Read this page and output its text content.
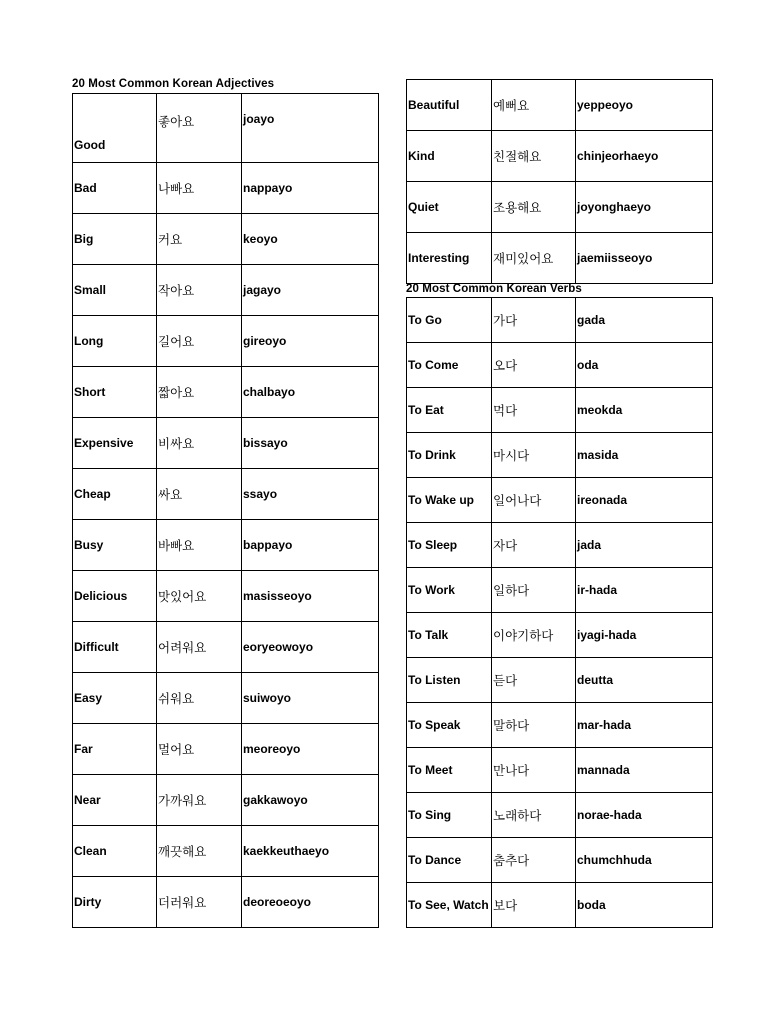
20 Most Common Korean Adjectives
Good	좋아요	joayo
Bad	나빠요	nappayo
Big	커요	keoyo
Small	작아요	jagayo
Long	길어요	gireoyo
Short	짧아요	chalbayo
Expensive	비싸요	bissayo
Cheap	싸요	ssayo
Busy	바빠요	bappayo
Delicious	맛있어요	masisseoyo
Difficult	어려워요	eoryeowoyo
Easy	쉬워요	suiwoyo
Far	멀어요	meoreoyo
Near	가까워요	gakkawoyo
Clean	깨끗해요	kaekkeuthaeyo
Dirty	더러워요	deoreoeoyo
Beautiful	예뻐요	yeppeoyo
Kind	친절해요	chinjeorhaeyo
Quiet	조용해요	joyonghaeyo
Interesting	재미있어요	jaemiisseoyo
20 Most Common Korean Verbs
To Go	가다	gada
To Come	오다	oda
To Eat	먹다	meokda
To Drink	마시다	masida
To Wake up	일어나다	ireonada
To Sleep	자다	jada
To Work	일하다	ir-hada
To Talk	이야기하다	iyagi-hada
To Listen	듣다	deutta
To Speak	말하다	mar-hada
To Meet	만나다	mannada
To Sing	노래하다	norae-hada
To Dance	춤추다	chumchhuda
To See, Watch	보다	boda
